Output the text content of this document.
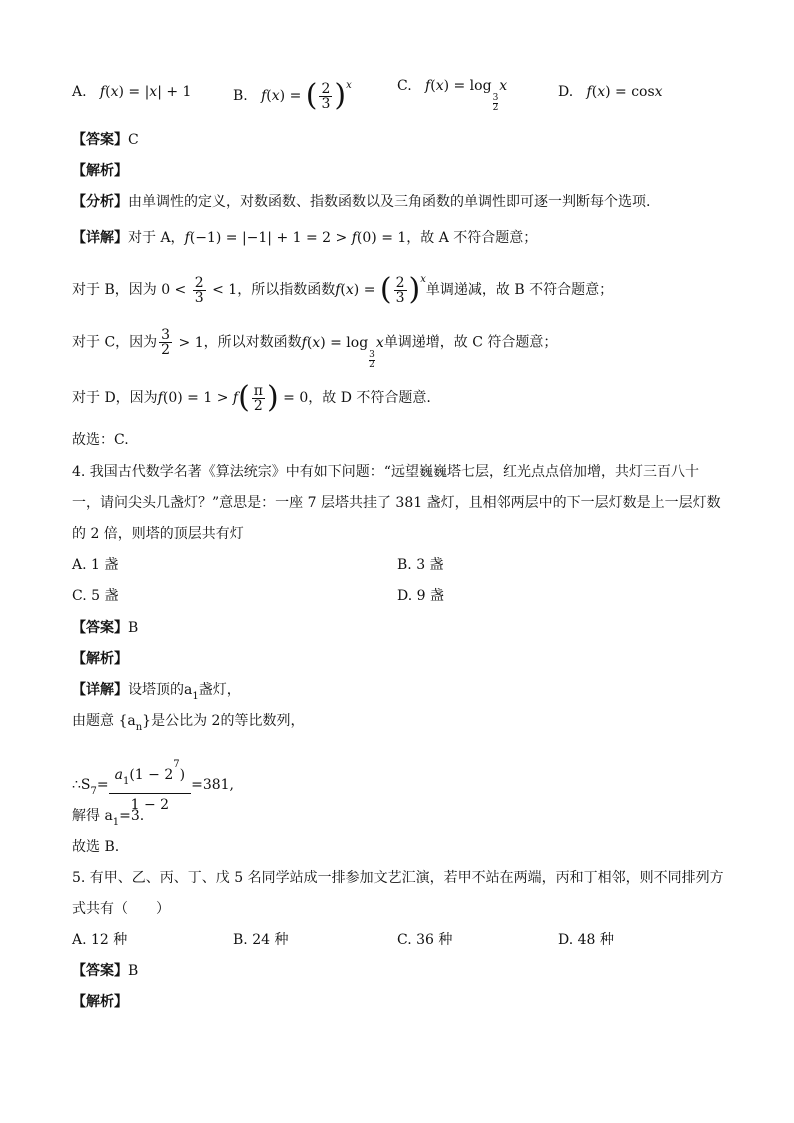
A. f(x) = |x| + 1	B. f(x) = ( $\frac{2}{3} )^x$	C. f(x) = log
$\frac{3}{2}$
x	D. f(x) = cosx
【答案】C
【解析】
【分析】由单调性的定义，对数函数、指数函数以及三角函数的单调性即可逐一判断每个选项.
【详解】对于 A，f(−1) = |−1| + 1 = 2 > f(0) = 1，故 A 不符合题意；
对于 B，因为 $0 < \frac{2}{3} < 1$，所以指数函数f(x) = ( $\frac{2}{3} )^x$单调递减，故 B 不符合题意；
对于 C，因为 $\frac{3}{2} > 1$，所以对数函数f(x) = log
$\frac{3}{2}$
x单调递增，故 C 符合题意；
对于 D，因为$f(0) = 1 > f( \frac{\pi}{2}$ ) = 0，故 D 不符合题意.
故选：C.
4. 我国古代数学名著《算法统宗》中有如下问题：“远望巍巍塔七层，红光点点倍加增，共灯三百八十
一，请问尖头几盏灯？”意思是：一座 7 层塔共挂了 381 盏灯，且相邻两层中的下一层灯数是上一层灯数
的 2 倍，则塔的顶层共有灯
A. 1 盏	B. 3 盏
C. 5 盏	D. 9 盏
【答案】B
【解析】
【详解】设塔顶的$a_1$盏灯，
由题意 $\{a_n\}$是公比为 2的等比数列，
$\therefore S_7= \frac{a_1(1 - 2^7)}{1 - 2} =381$,
解得 $a_1=3$.
故选 B.
5. 有甲、乙、丙、丁、戊 5 名同学站成一排参加文艺汇演，若甲不站在两端，丙和丁相邻，则不同排列方
式共有（　　）
A. 12 种	B. 24 种	C. 36 种	D. 48 种
【答案】B
【解析】
